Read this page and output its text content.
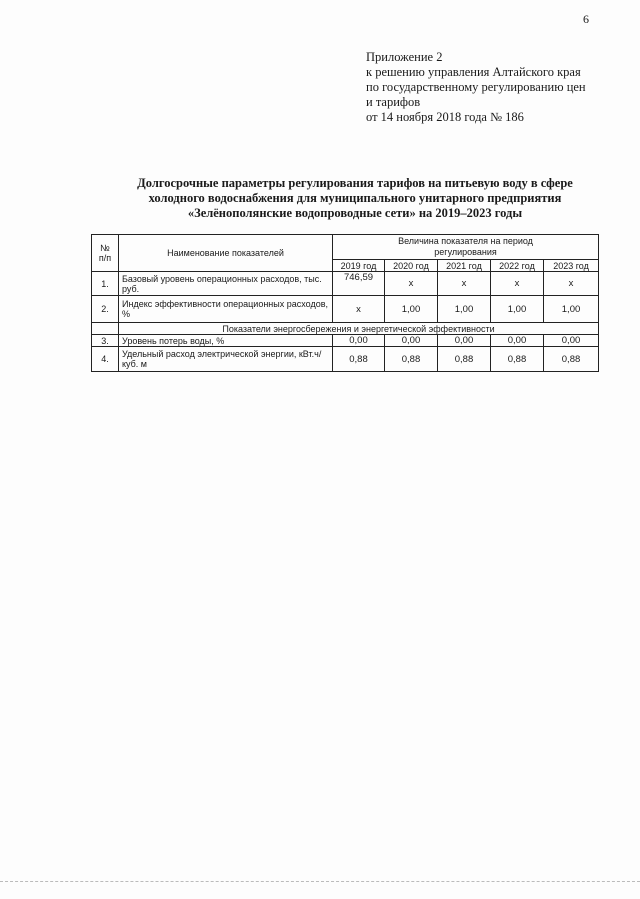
6
Приложение 2
к решению управления Алтайского края
по государственному регулированию цен
и тарифов
от 14 ноября 2018 года № 186
Долгосрочные параметры регулирования тарифов на питьевую воду в сфере
холодного водоснабжения для муниципального унитарного предприятия
«Зелёнополянские водопроводные сети» на 2019–2023 годы
№
п/п	Наименование показателей	Величина показателя на период
регулирования				
		2019 год	2020 год	2021 год	2022 год	2023 год
1.	Базовый уровень операционных расходов, тыс. руб.	746,59	x	x	x	x
2.	Индекс эффективности операционных расходов, %	x	1,00	1,00	1,00	1,00
	Показатели энергосбережения и энергетической эффективности					
3.	Уровень потерь воды, %	0,00	0,00	0,00	0,00	0,00
4.	Удельный расход электрической энергии, кВт.ч/куб. м	0,88	0,88	0,88	0,88	0,88
